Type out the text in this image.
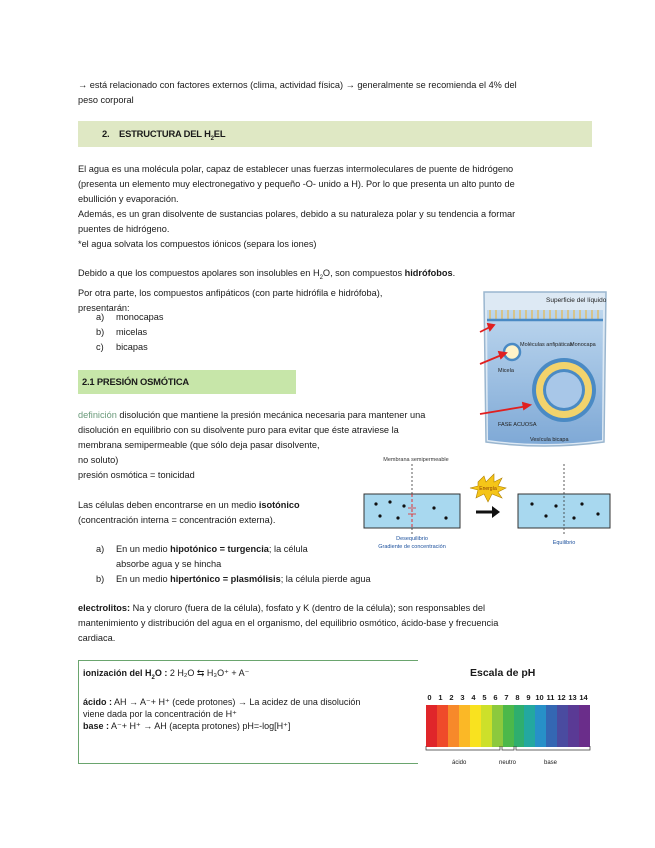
→ está relacionado con factores externos (clima, actividad física) → generalmente se recomienda el 4% del

peso corporal

2. ESTRUCTURA DEL $H_2EL$

El agua es una molécula polar, capaz de establecer unas fuerzas intermoleculares de puente de hidrógeno

(presenta un elemento muy electronegativo y pequeño -O- unido a H). Por lo que presenta un alto punto de

ebullición y evaporación.

Además, es un gran disolvente de sustancias polares, debido a su naturaleza polar y su tendencia a formar

puentes de hidrógeno.

*el agua solvata los compuestos iónicos (separa los iones)

Debido a que los compuestos apolares son insolubles en $H_2O$, son compuestos hidrófobos.

Por otra parte, los compuestos anfipáticos (con parte hidrófila e hidrófoba),

presentarán:

a)	monocapas
b)	micelas
c)	bicapas
Superficie del líquido
Moléculas anfipáticas
Monocapa
Micela
FASE ACUOSA
Vesícula bicapa
2.1 PRESIÓN OSMÓTICA

definición disolución que mantiene la presión mecánica necesaria para mantener una

disolución en equilibrio con su disolvente puro para evitar que éste atraviese la

membrana semipermeable (que sólo deja pasar disolvente,

no soluto)

presión osmótica = tonicidad

Las células deben encontrarse en un medio isotónico

(concentración interna = concentración externa).

a)	En un medio hipotónico = turgencia; la célula
absorbe agua y se hincha
b)	En un medio hipertónico = plasmólisis; la célula pierde agua
Membrana semipermeable
Desequilibrio
Gradiente de concentración
Energía
Equilibrio

electrolitos: Na y cloruro (fuera de la célula), fosfato y K (dentro de la célula); son responsables del

mantenimiento y distribución del agua en el organismo, del equilibrio osmótico, ácido-base y frecuencia

cardiaca.

ionización del $H_2O$ : 2 H₂O ⇆ H₃O⁺ + A⁻
ácido : AH → A⁻+ H⁺ (cede protones) → La acidez de una disolución
viene dada por la concentración de H⁺
base : A⁻+ H⁺ → AH (acepta protones) pH=-log[H⁺]
Escala de pH
0 1 2 3 4 5 6 7 8 9 10 11 12 13 14
ácido	neutro	base
